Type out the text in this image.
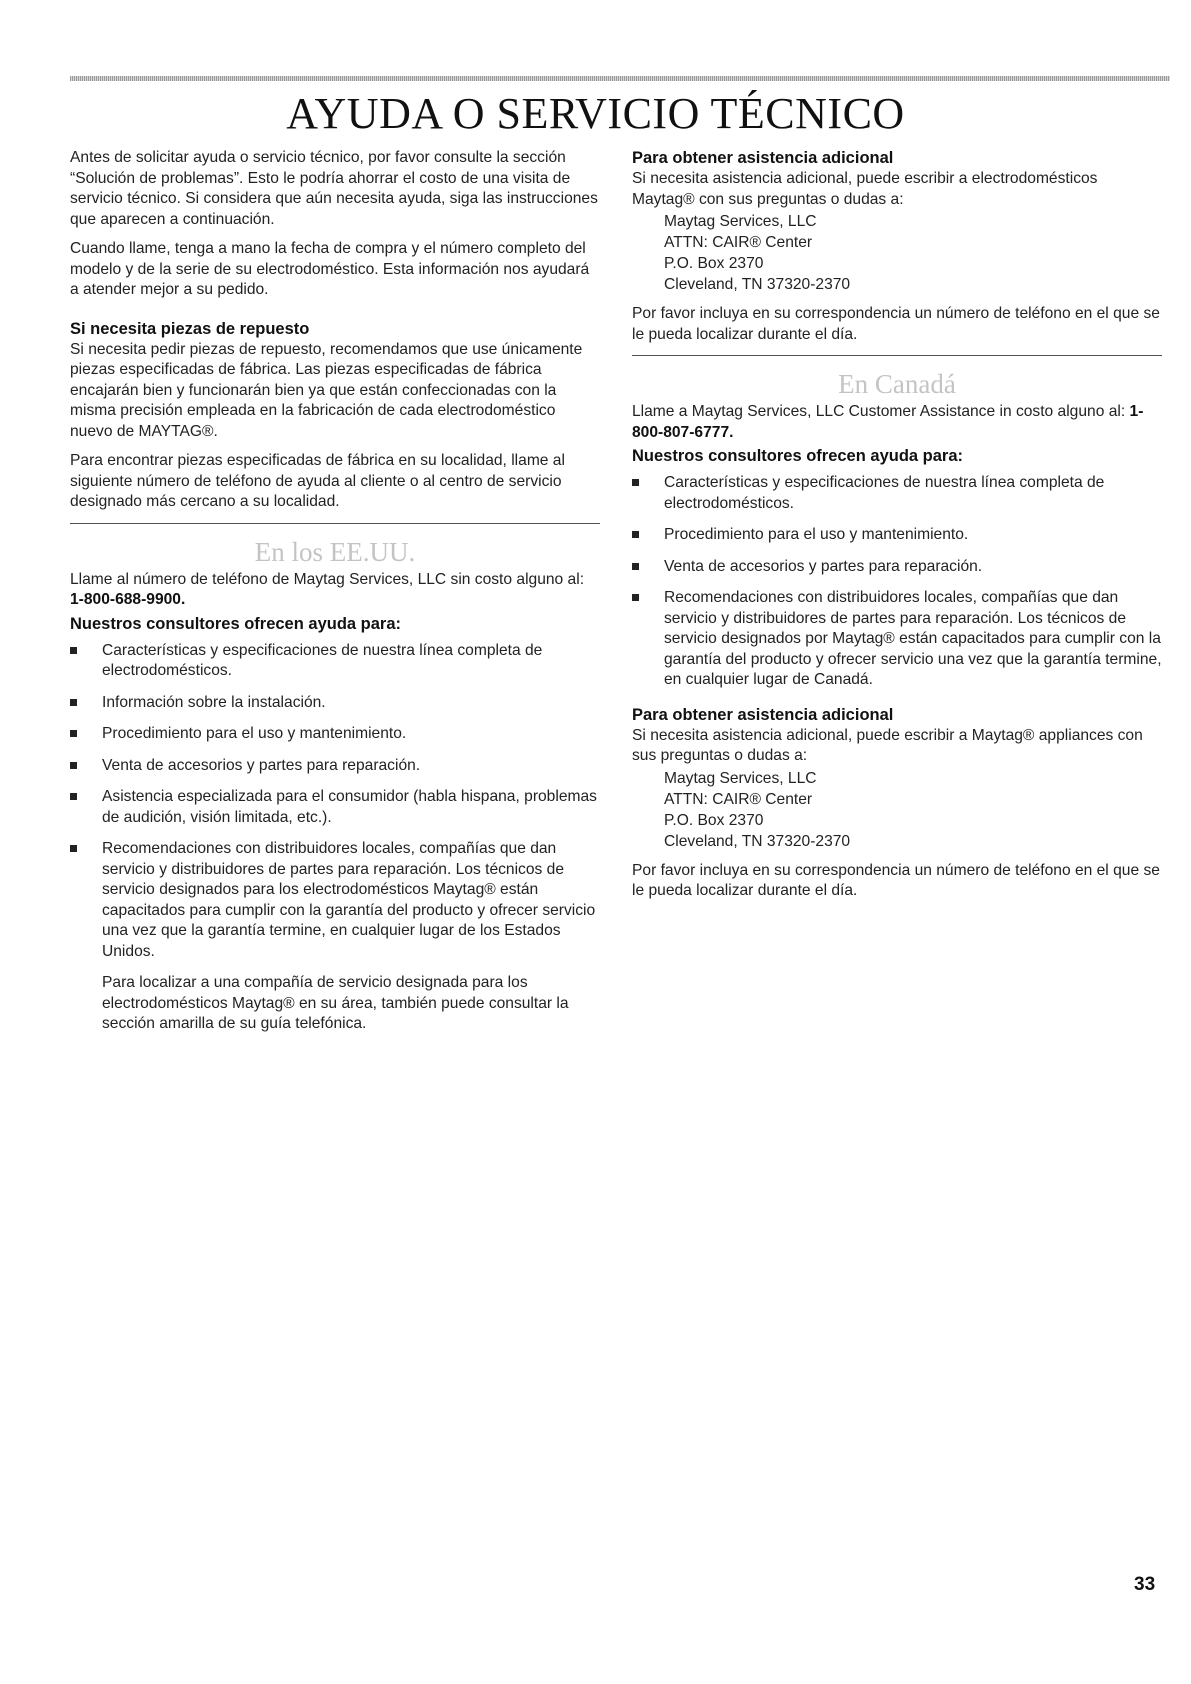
AYUDA O SERVICIO TÉCNICO

Antes de solicitar ayuda o servicio técnico, por favor consulte la sección “Solución de problemas”. Esto le podría ahorrar el costo de una visita de servicio técnico. Si considera que aún necesita ayuda, siga las instrucciones que aparecen a continuación.

Cuando llame, tenga a mano la fecha de compra y el número completo del modelo y de la serie de su electrodoméstico. Esta información nos ayudará a atender mejor a su pedido.

Si necesita piezas de repuesto

Si necesita pedir piezas de repuesto, recomendamos que use únicamente piezas especificadas de fábrica. Las piezas especificadas de fábrica encajarán bien y funcionarán bien ya que están confeccionadas con la misma precisión empleada en la fabricación de cada electrodoméstico nuevo de MAYTAG®.

Para encontrar piezas especificadas de fábrica en su localidad, llame al siguiente número de teléfono de ayuda al cliente o al centro de servicio designado más cercano a su localidad.

En los EE.UU.
Llame al número de teléfono de Maytag Services, LLC sin costo alguno al:
1-800-688-9900.
Nuestros consultores ofrecen ayuda para:
Características y especificaciones de nuestra línea completa de electrodomésticos.
Información sobre la instalación.
Procedimiento para el uso y mantenimiento.
Venta de accesorios y partes para reparación.
Asistencia especializada para el consumidor (habla hispana, problemas de audición, visión limitada, etc.).
Recomendaciones con distribuidores locales, compañías que dan servicio y distribuidores de partes para reparación. Los técnicos de servicio designados para los electrodomésticos Maytag® están capacitados para cumplir con la garantía del producto y ofrecer servicio una vez que la garantía termine, en cualquier lugar de los Estados Unidos.

Para localizar a una compañía de servicio designada para los electrodomésticos Maytag® en su área, también puede consultar la sección amarilla de su guía telefónica.

Para obtener asistencia adicional
Si necesita asistencia adicional, puede escribir a electrodomésticos Maytag® con sus preguntas o dudas a:
Maytag Services, LLC
ATTN: CAIR® Center
P.O. Box 2370
Cleveland, TN 37320-2370

Por favor incluya en su correspondencia un número de teléfono en el que se le pueda localizar durante el día.

En Canadá
Llame a Maytag Services, LLC Customer Assistance in costo alguno al: 1-800-807-6777.
Nuestros consultores ofrecen ayuda para:
Características y especificaciones de nuestra línea completa de electrodomésticos.
Procedimiento para el uso y mantenimiento.
Venta de accesorios y partes para reparación.
Recomendaciones con distribuidores locales, compañías que dan servicio y distribuidores de partes para reparación. Los técnicos de servicio designados por Maytag® están capacitados para cumplir con la garantía del producto y ofrecer servicio una vez que la garantía termine, en cualquier lugar de Canadá.
Para obtener asistencia adicional
Si necesita asistencia adicional, puede escribir a Maytag® appliances con sus preguntas o dudas a:
Maytag Services, LLC
ATTN: CAIR® Center
P.O. Box 2370
Cleveland, TN 37320-2370

Por favor incluya en su correspondencia un número de teléfono en el que se le pueda localizar durante el día.

33
